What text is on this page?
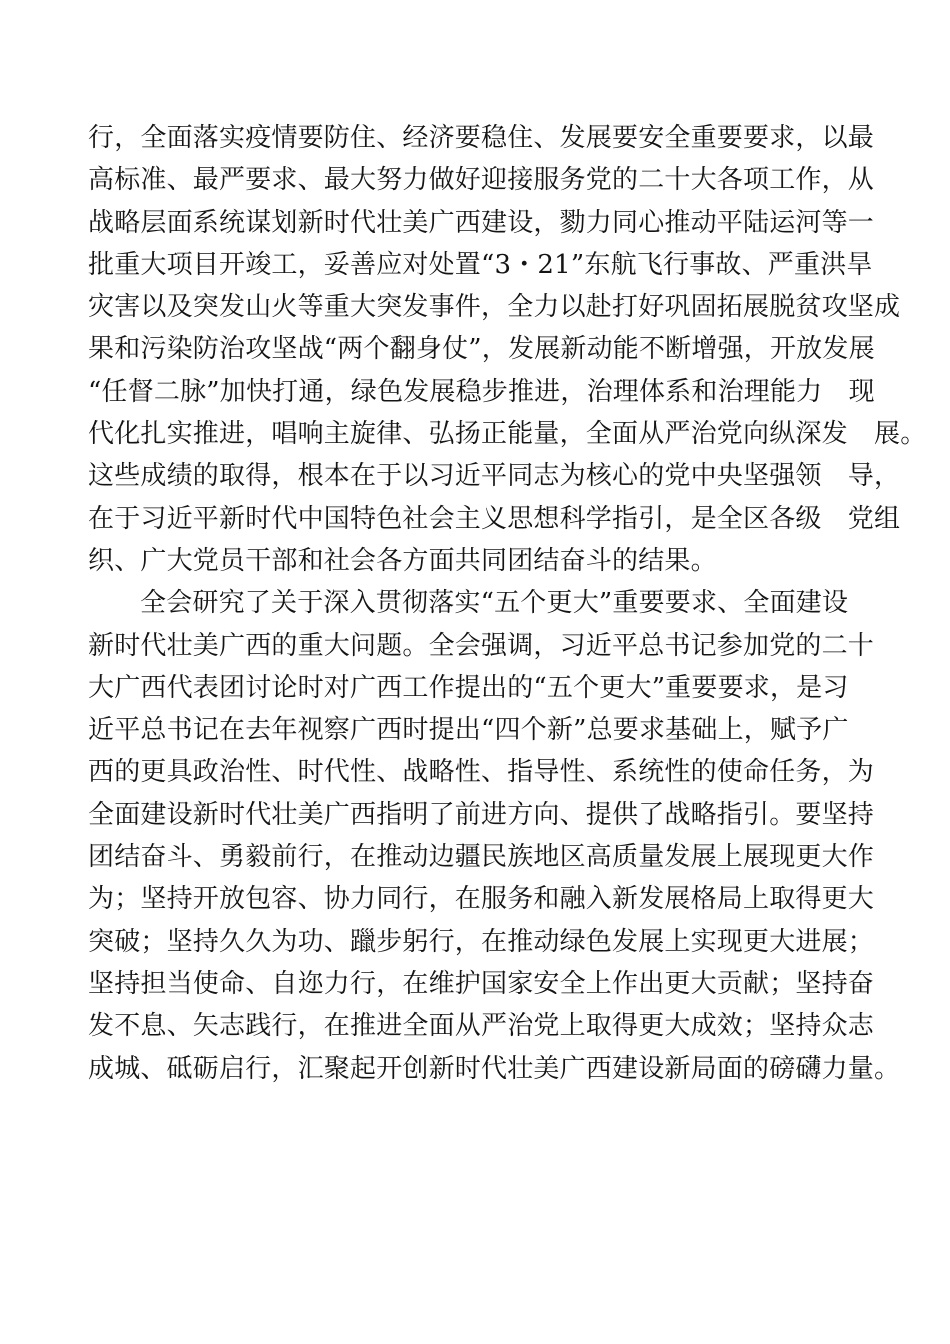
行，全面落实疫情要防住、经济要稳住、发展要安全重要要求，以最
高标准、最严要求、最大努力做好迎接服务党的二十大各项工作，从
战略层面系统谋划新时代壮美广西建设，勠力同心推动平陆运河等一
批重大项目开竣工，妥善应对处置“3・21”东航飞行事故、严重洪旱
灾害以及突发山火等重大突发事件，全力以赴打好巩固拓展脱贫攻坚成
果和污染防治攻坚战“两个翻身仗”，发展新动能不断增强，开放发展
“任督二脉”加快打通，绿色发展稳步推进，治理体系和治理能力　现
代化扎实推进，唱响主旋律、弘扬正能量，全面从严治党向纵深发　展。
这些成绩的取得，根本在于以习近平同志为核心的党中央坚强领　导，
在于习近平新时代中国特色社会主义思想科学指引，是全区各级　党组
织、广大党员干部和社会各方面共同团结奋斗的结果。
全会研究了关于深入贯彻落实“五个更大”重要要求、全面建设
新时代壮美广西的重大问题。全会强调，习近平总书记参加党的二十
大广西代表团讨论时对广西工作提出的“五个更大”重要要求，是习
近平总书记在去年视察广西时提出“四个新”总要求基础上，赋予广
西的更具政治性、时代性、战略性、指导性、系统性的使命任务，为
全面建设新时代壮美广西指明了前进方向、提供了战略指引。要坚持
团结奋斗、勇毅前行，在推动边疆民族地区高质量发展上展现更大作
为；坚持开放包容、协力同行，在服务和融入新发展格局上取得更大
突破；坚持久久为功、躐步躬行，在推动绿色发展上实现更大进展；
坚持担当使命、自迩力行，在维护国家安全上作出更大贡献；坚持奋
发不息、矢志践行，在推进全面从严治党上取得更大成效；坚持众志
成城、砥砺启行，汇聚起开创新时代壮美广西建设新局面的磅礴力量。
